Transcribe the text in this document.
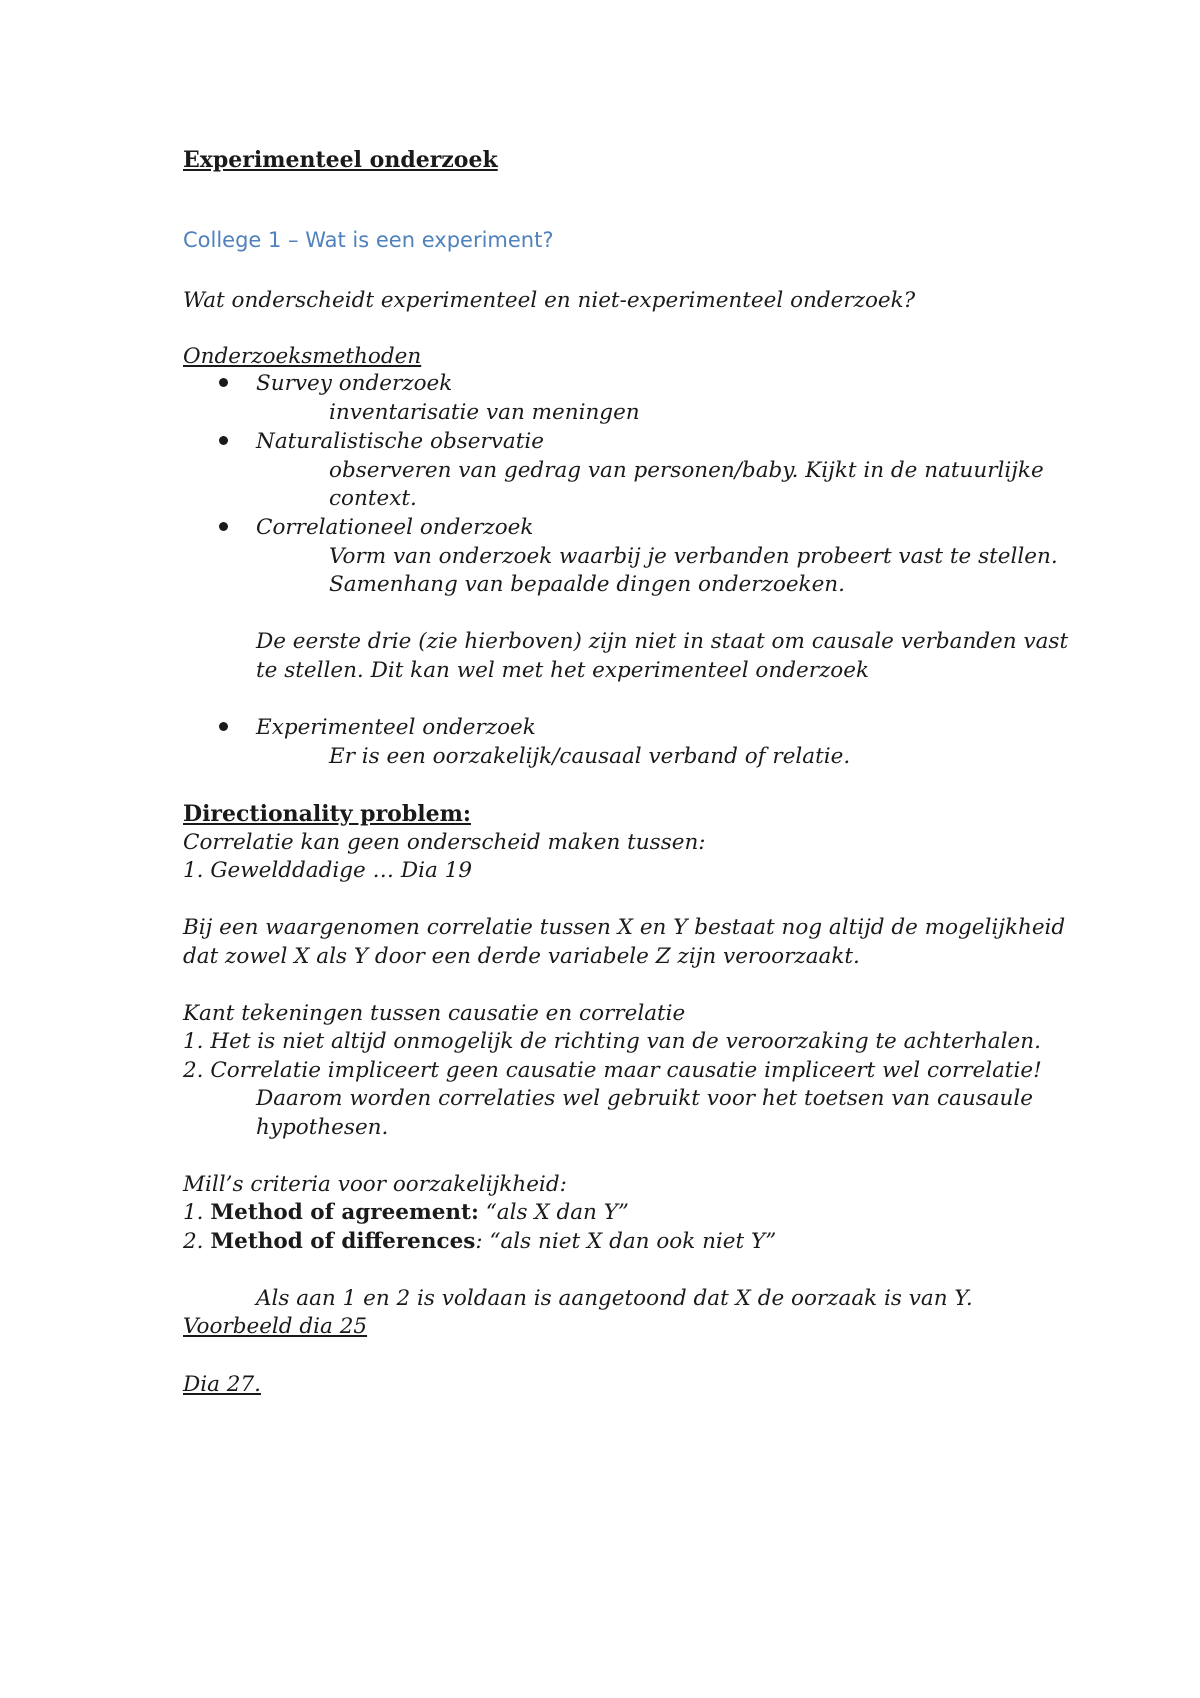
Experimenteel onderzoek
College 1 – Wat is een experiment?
Wat onderscheidt experimenteel en niet-experimenteel onderzoek?
Onderzoeksmethoden
Survey onderzoek
inventarisatie van meningen
Naturalistische observatie
observeren van gedrag van personen/baby. Kijkt in de natuurlijke
context.
Correlationeel onderzoek
Vorm van onderzoek waarbij je verbanden probeert vast te stellen.
Samenhang van bepaalde dingen onderzoeken.
De eerste drie (zie hierboven) zijn niet in staat om causale verbanden vast
te stellen. Dit kan wel met het experimenteel onderzoek
Experimenteel onderzoek
Er is een oorzakelijk/causaal verband of relatie.
Directionality problem:
Correlatie kan geen onderscheid maken tussen:
1. Gewelddadige … Dia 19
Bij een waargenomen correlatie tussen X en Y bestaat nog altijd de mogelijkheid
dat zowel X als Y door een derde variabele Z zijn veroorzaakt.
Kant tekeningen tussen causatie en correlatie
1. Het is niet altijd onmogelijk de richting van de veroorzaking te achterhalen.
2. Correlatie impliceert geen causatie maar causatie impliceert wel correlatie!
Daarom worden correlaties wel gebruikt voor het toetsen van causaule
hypothesen.
Mill’s criteria voor oorzakelijkheid:
1. Method of agreement: “als X dan Y”
2. Method of differences: “als niet X dan ook niet Y”
Als aan 1 en 2 is voldaan is aangetoond dat X de oorzaak is van Y.
Voorbeeld dia 25
Dia 27.
